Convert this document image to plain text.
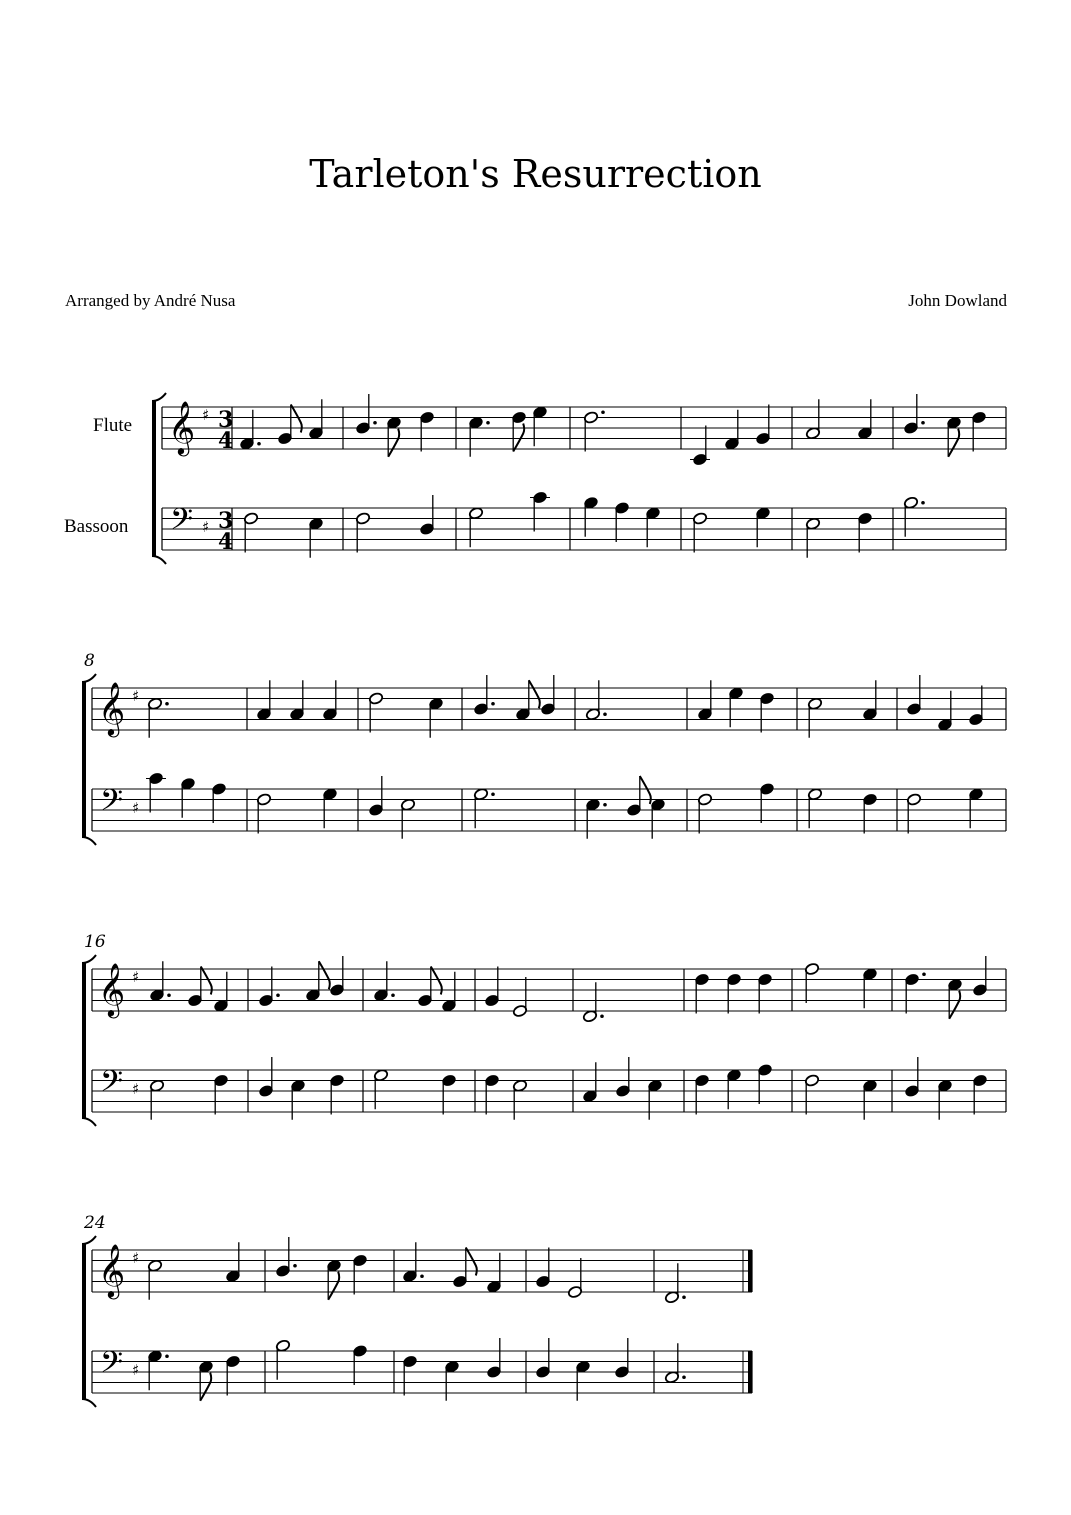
Tarleton's Resurrection
Arranged by André Nusa	John Dowland
Flute
Bassoon
𝄞
𝄢
♯
♯
3
4
3
4
𝄞
𝄢
♯
♯
8
𝄞
𝄢
♯
♯
16
𝄞
𝄢
♯
♯
24
